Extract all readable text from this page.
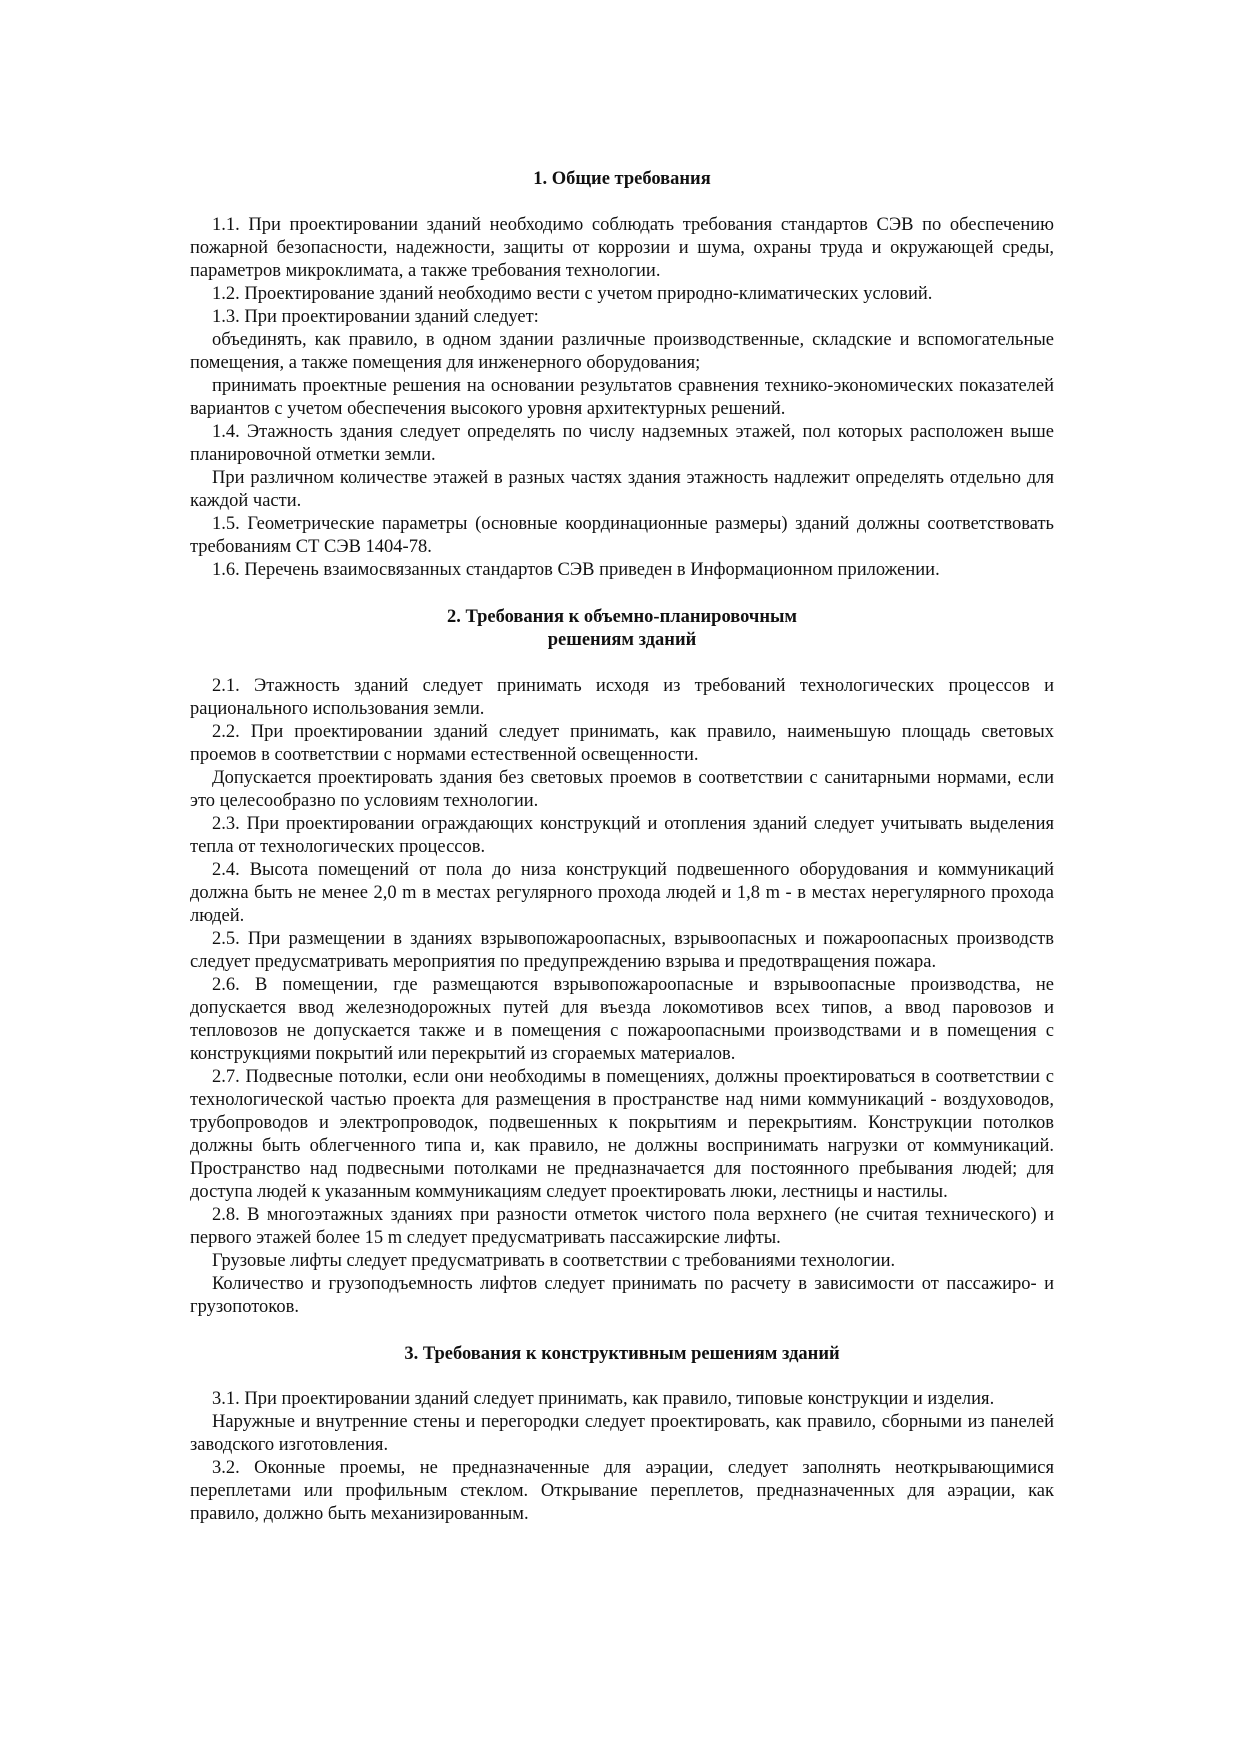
1. Общие требования

1.1. При проектировании зданий необходимо соблюдать требования стандартов СЭВ по обеспечению пожарной безопасности, надежности, защиты от коррозии и шума, охраны труда и окружающей среды, параметров микроклимата, а также требования технологии.

1.2. Проектирование зданий необходимо вести с учетом природно-климатических условий.

1.3. При проектировании зданий следует:

объединять, как правило, в одном здании различные производственные, складские и вспомогательные помещения, а также помещения для инженерного оборудования;

принимать проектные решения на основании результатов сравнения технико-экономических показателей вариантов с учетом обеспечения высокого уровня архитектурных решений.

1.4. Этажность здания следует определять по числу надземных этажей, пол которых расположен выше планировочной отметки земли.

При различном количестве этажей в разных частях здания этажность надлежит определять отдельно для каждой части.

1.5. Геометрические параметры (основные координационные размеры) зданий должны соответствовать требованиям СТ СЭВ 1404-78.

1.6. Перечень взаимосвязанных стандартов СЭВ приведен в Информационном приложении.

2. Требования к объемно-планировочным
решениям зданий

2.1. Этажность зданий следует принимать исходя из требований технологических процессов и рационального использования земли.

2.2. При проектировании зданий следует принимать, как правило, наименьшую площадь световых проемов в соответствии с нормами естественной освещенности.

Допускается проектировать здания без световых проемов в соответствии с санитарными нормами, если это целесообразно по условиям технологии.

2.3. При проектировании ограждающих конструкций и отопления зданий следует учитывать выделения тепла от технологических процессов.

2.4. Высота помещений от пола до низа конструкций подвешенного оборудования и коммуникаций должна быть не менее 2,0 m в местах регулярного прохода людей и 1,8 m - в местах нерегулярного прохода людей.

2.5. При размещении в зданиях взрывопожароопасных, взрывоопасных и пожароопасных производств следует предусматривать мероприятия по предупреждению взрыва и предотвращения пожара.

2.6. В помещении, где размещаются взрывопожароопасные и взрывоопасные производства, не допускается ввод железнодорожных путей для въезда локомотивов всех типов, а ввод паровозов и тепловозов не допускается также и в помещения с пожароопасными производствами и в помещения с конструкциями покрытий или перекрытий из сгораемых материалов.

2.7. Подвесные потолки, если они необходимы в помещениях, должны проектироваться в соответствии с технологической частью проекта для размещения в пространстве над ними коммуникаций - воздуховодов, трубопроводов и электропроводок, подвешенных к покрытиям и перекрытиям. Конструкции потолков должны быть облегченного типа и, как правило, не должны воспринимать нагрузки от коммуникаций. Пространство над подвесными потолками не предназначается для постоянного пребывания людей; для доступа людей к указанным коммуникациям следует проектировать люки, лестницы и настилы.

2.8. В многоэтажных зданиях при разности отметок чистого пола верхнего (не считая технического) и первого этажей более 15 m следует предусматривать пассажирские лифты.

Грузовые лифты следует предусматривать в соответствии с требованиями технологии.

Количество и грузоподъемность лифтов следует принимать по расчету в зависимости от пассажиро- и грузопотоков.

3. Требования к конструктивным решениям зданий

3.1. При проектировании зданий следует принимать, как правило, типовые конструкции и изделия.

Наружные и внутренние стены и перегородки следует проектировать, как правило, сборными из панелей заводского изготовления.

3.2. Оконные проемы, не предназначенные для аэрации, следует заполнять неоткрывающимися переплетами или профильным стеклом. Открывание переплетов, предназначенных для аэрации, как правило, должно быть механизированным.
